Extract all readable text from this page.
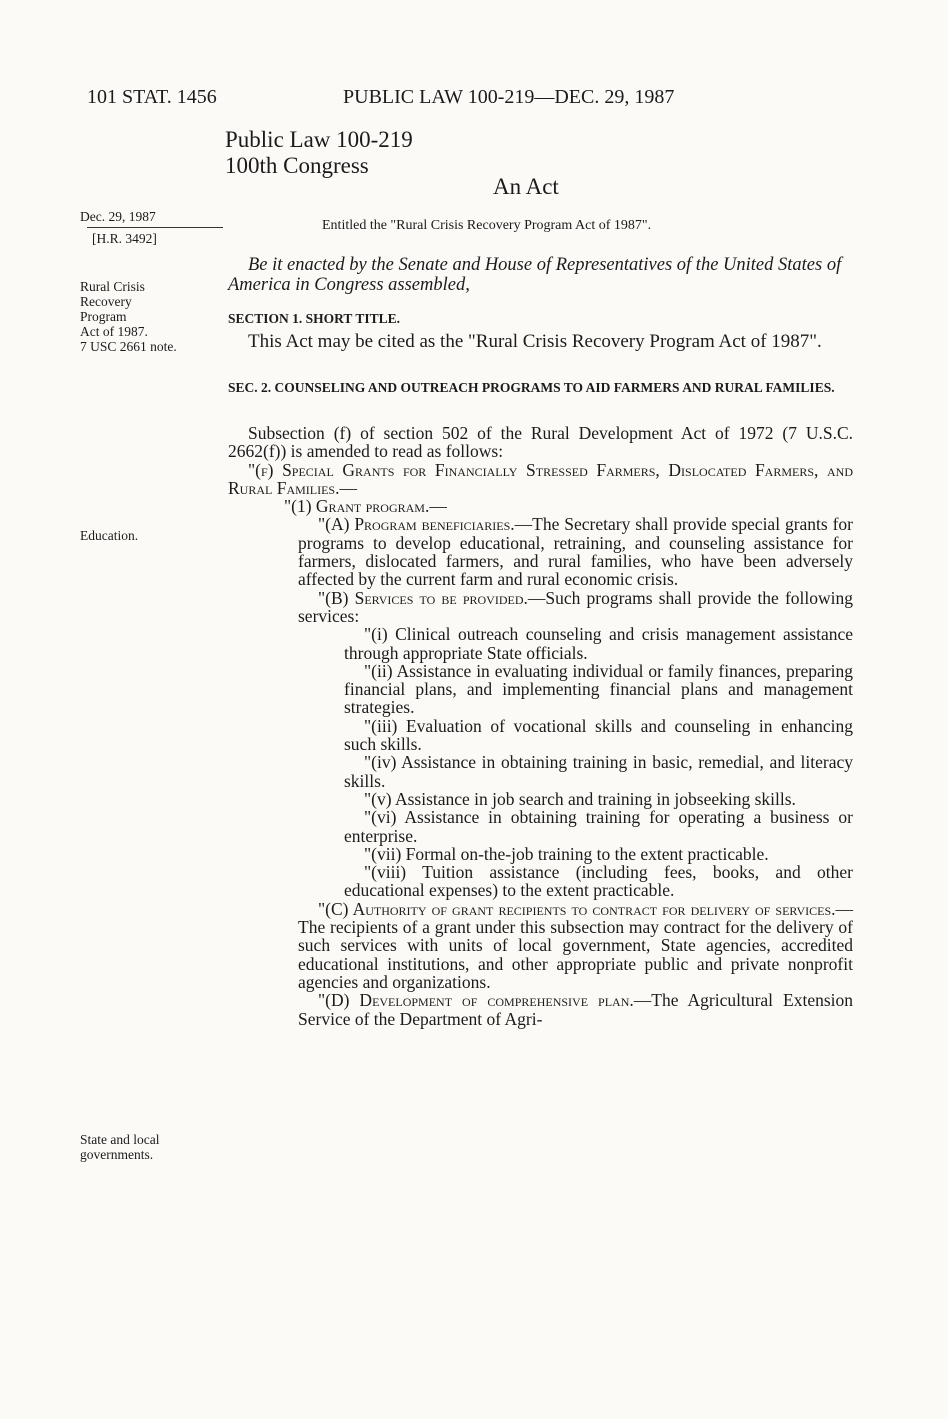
101 STAT. 1456	PUBLIC LAW 100-219—DEC. 29, 1987
Public Law 100-219
100th Congress
An Act
Dec. 29, 1987
[H.R. 3492]
Rural Crisis
Recovery
Program
Act of 1987.
7 USC 2661 note.
Education.
State and local
governments.
Entitled the "Rural Crisis Recovery Program Act of 1987".
Be it enacted by the Senate and House of Representatives of the United States of America in Congress assembled,
SECTION 1. SHORT TITLE.
This Act may be cited as the "Rural Crisis Recovery Program Act of 1987".
SEC. 2. COUNSELING AND OUTREACH PROGRAMS TO AID FARMERS AND RURAL FAMILIES.

Subsection (f) of section 502 of the Rural Development Act of 1972 (7 U.S.C. 2662(f)) is amended to read as follows:

"(f) Special Grants for Financially Stressed Farmers, Dislocated Farmers, and Rural Families.—

"(1) Grant program.—

"(A) Program beneficiaries.—The Secretary shall provide special grants for programs to develop educational, retraining, and counseling assistance for farmers, dislocated farmers, and rural families, who have been adversely affected by the current farm and rural economic crisis.

"(B) Services to be provided.—Such programs shall provide the following services:

"(i) Clinical outreach counseling and crisis management assistance through appropriate State officials.

"(ii) Assistance in evaluating individual or family finances, preparing financial plans, and implementing financial plans and management strategies.

"(iii) Evaluation of vocational skills and counseling in enhancing such skills.

"(iv) Assistance in obtaining training in basic, remedial, and literacy skills.

"(v) Assistance in job search and training in jobseeking skills.

"(vi) Assistance in obtaining training for operating a business or enterprise.

"(vii) Formal on-the-job training to the extent practicable.

"(viii) Tuition assistance (including fees, books, and other educational expenses) to the extent practicable.

"(C) Authority of grant recipients to contract for delivery of services.—The recipients of a grant under this subsection may contract for the delivery of such services with units of local government, State agencies, accredited educational institutions, and other appropriate public and private nonprofit agencies and organizations.

"(D) Development of comprehensive plan.—The Agricultural Extension Service of the Department of Agri-
